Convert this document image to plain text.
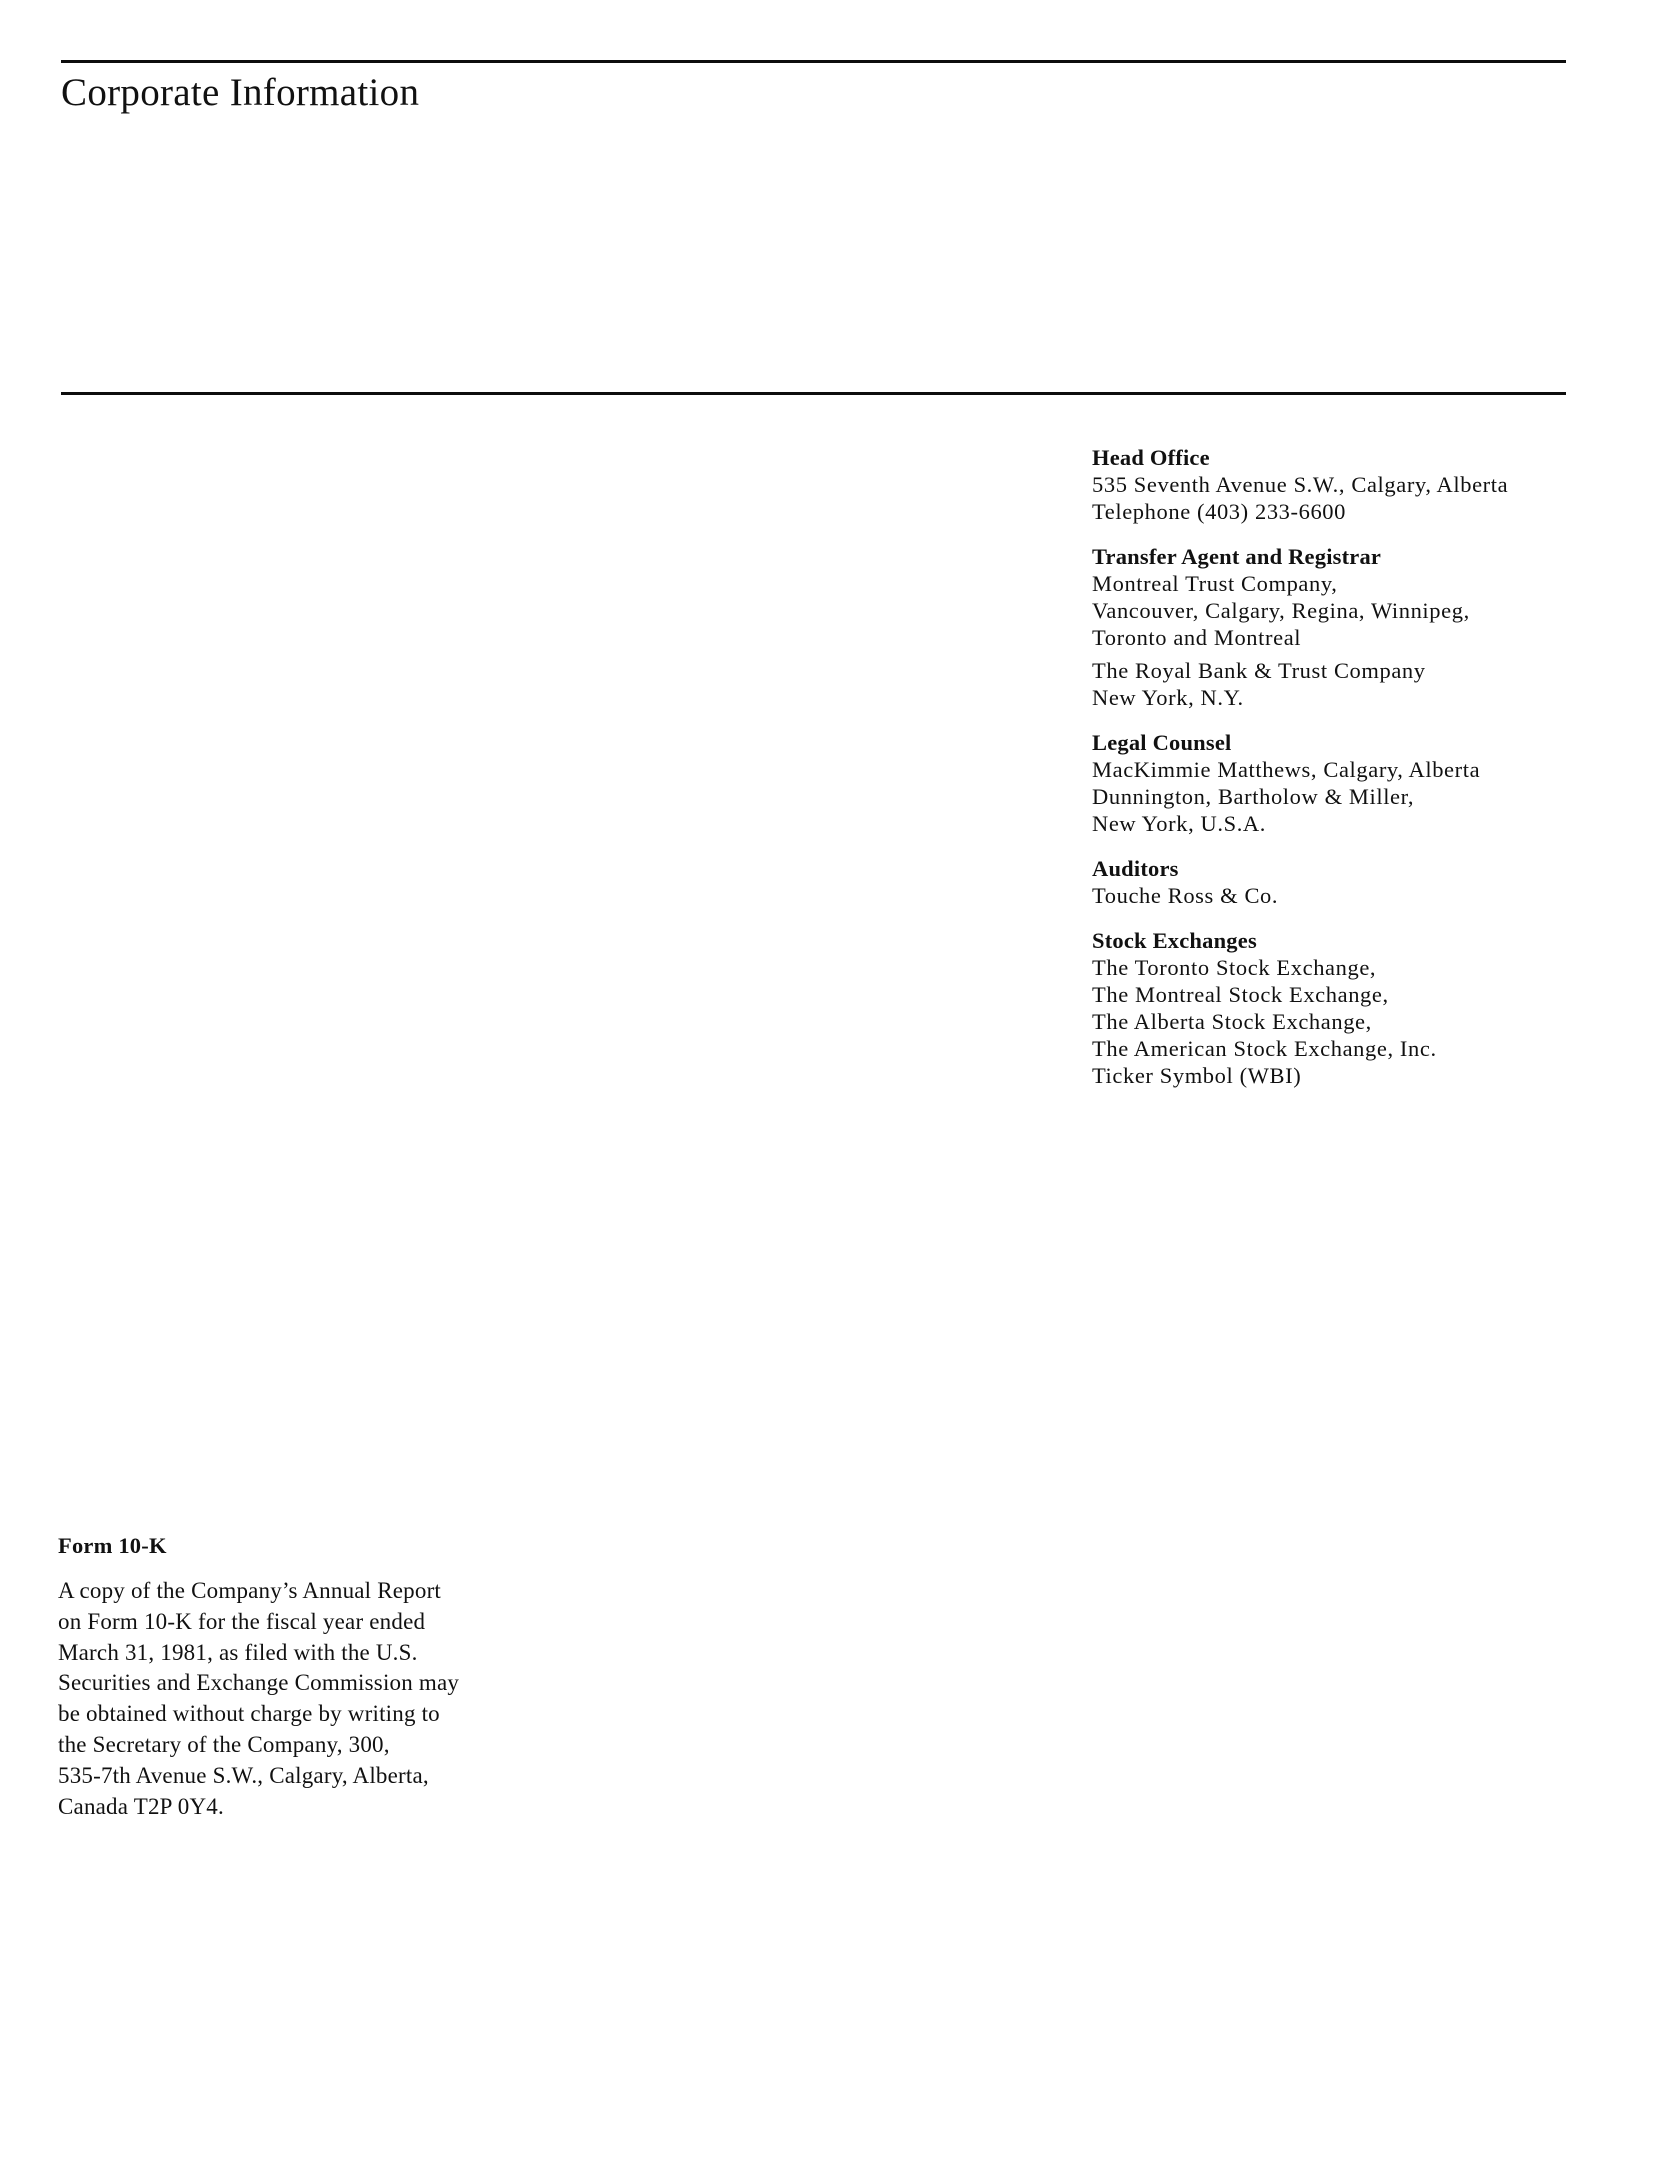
Corporate Information
Head Office
535 Seventh Avenue S.W., Calgary, Alberta
Telephone (403) 233-6600
Transfer Agent and Registrar
Montreal Trust Company,
Vancouver, Calgary, Regina, Winnipeg,
Toronto and Montreal
The Royal Bank & Trust Company
New York, N.Y.
Legal Counsel
MacKimmie Matthews, Calgary, Alberta
Dunnington, Bartholow & Miller,
New York, U.S.A.
Auditors
Touche Ross & Co.
Stock Exchanges
The Toronto Stock Exchange,
The Montreal Stock Exchange,
The Alberta Stock Exchange,
The American Stock Exchange, Inc.
Ticker Symbol (WBI)
Form 10-K
A copy of the Company’s Annual Report
on Form 10-K for the fiscal year ended
March 31, 1981, as filed with the U.S.
Securities and Exchange Commission may
be obtained without charge by writing to
the Secretary of the Company, 300,
535-7th Avenue S.W., Calgary, Alberta,
Canada T2P 0Y4.
